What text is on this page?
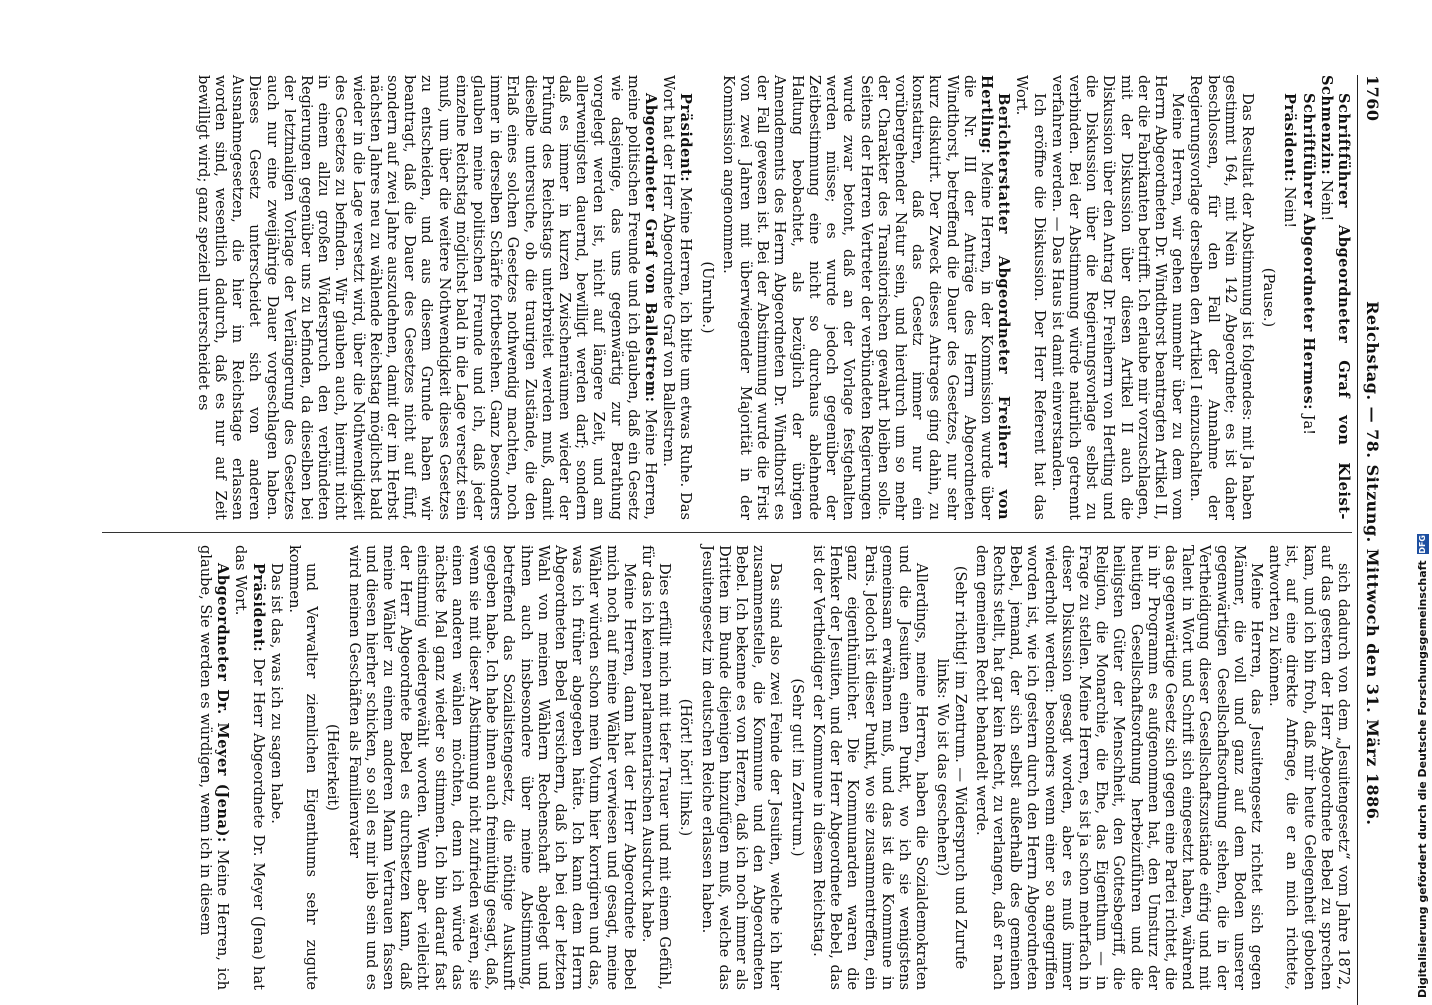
1760
Reichstag. — 78. Sitzung. Mittwoch den 31. März 1886.

Schriftführer Abgeordneter Graf von Kleist-Schmenzin: Nein!

Schriftführer Abgeordneter Hermes: Ja!

Präsident: Nein!

(Pause.)

Das Resultat der Abstimmung ist folgendes: mit Ja haben gestimmt 164, mit Nein 142 Abgeordnete; es ist daher beschlossen, für den Fall der Annahme der Regierungsvorlage derselben den Artikel I einzuschalten.

Meine Herren, wir gehen nunmehr über zu dem vom Herrn Abgeordneten Dr. Windthorst beantragten Artikel II, der die Fabrikanten betrifft. Ich erlaube mir vorzuschlagen, mit der Diskussion über diesen Artikel II auch die Diskussion über den Antrag Dr. Freiherrn von Hertling und die Diskussion über die Regierungsvorlage selbst zu verbinden. Bei der Abstimmung würde natürlich getrennt verfahren werden. — Das Haus ist damit einverstanden.

Ich eröffne die Diskussion. Der Herr Referent hat das Wort.

Berichterstatter Abgeordneter Freiherr von Hertling: Meine Herren, in der Kommission wurde über die Nr. III der Anträge des Herrn Abgeordneten Windthorst, betreffend die Dauer des Gesetzes, nur sehr kurz diskutirt. Der Zweck dieses Antrages ging dahin, zu konstatiren, daß das Gesetz immer nur ein vorübergehender Natur sein, und hierdurch um so mehr der Charakter des Transitorischen gewahrt bleiben solle. Seitens der Herren Vertreter der verbündeten Regierungen wurde zwar betont, daß an der Vorlage festgehalten werden müsse; es wurde jedoch gegenüber der Zeitbestimmung eine nicht so durchaus ablehnende Haltung beobachtet, als bezüglich der übrigen Amendements des Herrn Abgeordneten Dr. Windthorst es der Fall gewesen ist. Bei der Abstimmung wurde die Frist von zwei Jahren mit überwiegender Majorität in der Kommission angenommen.

(Unruhe.)

Präsident: Meine Herren, ich bitte um etwas Ruhe. Das Wort hat der Herr Abgeordnete Graf von Ballestrem.

Abgeordneter Graf von Ballestrem: Meine Herren, meine politischen Freunde und ich glauben, daß ein Gesetz wie dasjenige, das uns gegenwärtig zur Berathung vorgelegt werden ist, nicht auf längere Zeit, und am allerwenigsten dauernd, bewilligt werden darf; sondern daß es immer in kurzen Zwischenräumen wieder der Prüfung des Reichstags unterbreitet werden muß, damit dieselbe untersuche, ob die traurigen Zustände, die den Erlaß eines solchen Gesetzes nothwendig machten, noch immer in derselben Schärfe fortbestehen. Ganz besonders glauben meine politischen Freunde und ich, daß jeder einzelne Reichstag möglichst bald in die Lage versetzt sein muß, um über die weitere Nothwendigkeit dieses Gesetzes zu entscheiden, und aus diesem Grunde haben wir beantragt, daß die Dauer des Gesetzes nicht auf fünf, sondern auf zwei Jahre auszudehnen, damit der im Herbst nächsten Jahres neu zu wählende Reichstag möglichst bald wieder in die Lage versetzt wird, über die Nothwendigkeit des Gesetzes zu befinden. Wir glauben auch, hiermit nicht in einem allzu großen Widerspruch den verbündeten Regierungen gegenüber uns zu befinden, da dieselben bei der letztmaligen Vorlage der Verlängerung des Gesetzes auch nur eine zweijährige Dauer vorgeschlagen haben. Dieses Gesetz unterscheidet sich von anderen Ausnahmegesetzen, die hier im Reichstage erlassen worden sind, wesentlich dadurch, daß es nur auf Zeit bewilligt wird; ganz speziell unterscheidet es

sich dadurch von dem „Jesuitengesetz“ vom Jahre 1872, auf das gestern der Herr Abgeordnete Bebel zu sprechen kam, und ich bin froh, daß mir heute Gelegenheit geboten ist, auf eine direkte Anfrage, die er an mich richtete, antworten zu können.

Meine Herren, das Jesuitengesetz richtet sich gegen Männer, die voll und ganz auf dem Boden unserer gegenwärtigen Gesellschaftsordnung stehen, die in der Vertheidigung dieser Gesellschaftszustände eifrig und mit Talent in Wort und Schrift sich eingesetzt haben, während das gegenwärtige Gesetz sich gegen eine Partei richtet, die in ihr Programm es aufgenommen hat, den Umsturz der heutigen Gesellschaftsordnung herbeizuführen und die heiligsten Güter der Menschheit, den Gottesbegriff, die Religion, die Monarchie, die Ehe, das Eigenthum — in Frage zu stellen. Meine Herren, es ist ja schon mehrfach in dieser Diskussion gesagt worden, aber es muß immer wiederholt werden: besonders wenn einer so angegriffen worden ist, wie ich gestern durch den Herrn Abgeordneten Bebel, jemand, der sich selbst außerhalb des gemeinen Rechts stellt, hat gar kein Recht, zu verlangen, daß er nach dem gemeinen Recht behandelt werde.

(Sehr richtig! im Zentrum. — Widerspruch und Zurufe links: Wo ist das geschehen?)

Allerdings, meine Herren, haben die Sozialdemokraten und die Jesuiten einen Punkt, wo ich sie wenigstens gemeinsam erwähnen muß, und das ist die Kommune in Paris. Jedoch ist dieser Punkt, wo sie zusammentreffen, ein ganz eigenthümlicher. Die Kommunarden waren die Henker der Jesuiten, und der Herr Abgeordnete Bebel, das ist der Vertheidiger der Kommune in diesem Reichstag.

(Sehr gut! im Zentrum.)

Das sind also zwei Feinde der Jesuiten, welche ich hier zusammenstelle, die Kommune und den Abgeordneten Bebel. Ich bekenne es von Herzen, daß ich noch immer als Dritten im Bunde diejenigen hinzufügen muß, welche das Jesuitengesetz im deutschen Reiche erlassen haben.

(Hört! hört! links.)

Dies erfüllt mich mit tiefer Trauer und mit einem Gefühl, für das ich keinen parlamentarischen Ausdruck habe.

Meine Herren, dann hat der Herr Abgeordnete Bebel mich noch auf meine Wähler verwiesen und gesagt, meine Wähler würden schon mein Votum hier korrigiren und das, was ich früher abgegeben hätte. Ich kann dem Herrn Abgeordneten Bebel versichern, daß ich bei der letzten Wahl von meinen Wählern Rechenschaft abgelegt und ihnen auch insbesondere über meine Abstimmung, betreffend das Sozialistengesetz, die nöthige Auskunft gegeben habe. Ich habe ihnen auch freimüthig gesagt, daß, wenn sie mit dieser Abstimmung nicht zufrieden wären, sie einen anderen wählen möchten, denn ich würde das nächste Mal ganz wieder so stimmen. Ich bin darauf fast einstimmig wiedergewählt worden. Wenn aber vielleicht der Herr Abgeordnete Bebel es durchsetzen kann, daß meine Wähler zu einem anderen Mann Vertrauen fassen und diesen hierher schicken, so soll es mir lieb sein und es wird meinen Geschäften als Familienvater

(Heiterkeit)

und Verwalter ziemlichen Eigenthums sehr zugute kommen.

Das ist das, was ich zu sagen habe.

Präsident: Der Herr Abgeordnete Dr. Meyer (Jena) hat das Wort.

Abgeordneter Dr. Meyer (Jena): Meine Herren, ich glaube, Sie werden es würdigen, wenn ich in diesem	Digitalisierung gefördert durch die Deutsche Forschungsgemeinschaft
DFG
